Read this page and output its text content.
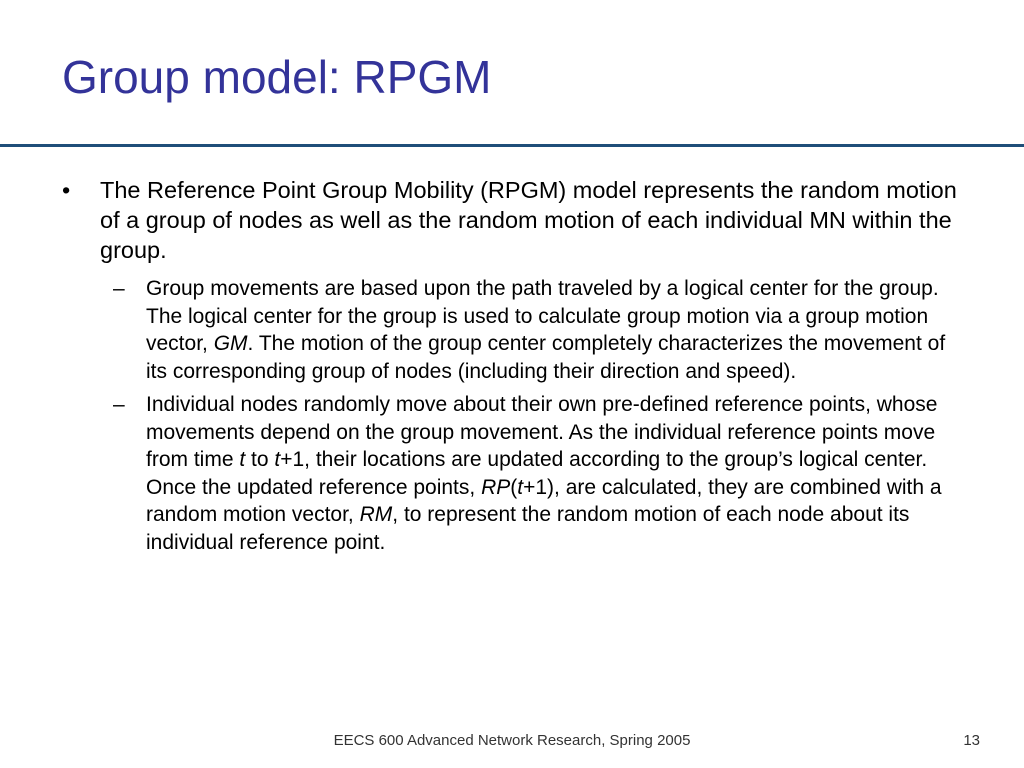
Group model: RPGM
• The Reference Point Group Mobility (RPGM) model represents the random motion of a group of nodes as well as the random motion of each individual MN within the group.
– Group movements are based upon the path traveled by a logical center for the group. The logical center for the group is used to calculate group motion via a group motion vector, GM. The motion of the group center completely characterizes the movement of its corresponding group of nodes (including their direction and speed).
– Individual nodes randomly move about their own pre-defined reference points, whose movements depend on the group movement. As the individual reference points move from time t to t+1, their locations are updated according to the group’s logical center. Once the updated reference points, RP(t+1), are calculated, they are combined with a random motion vector, RM, to represent the random motion of each node about its individual reference point.
EECS 600 Advanced Network Research, Spring 2005	13
